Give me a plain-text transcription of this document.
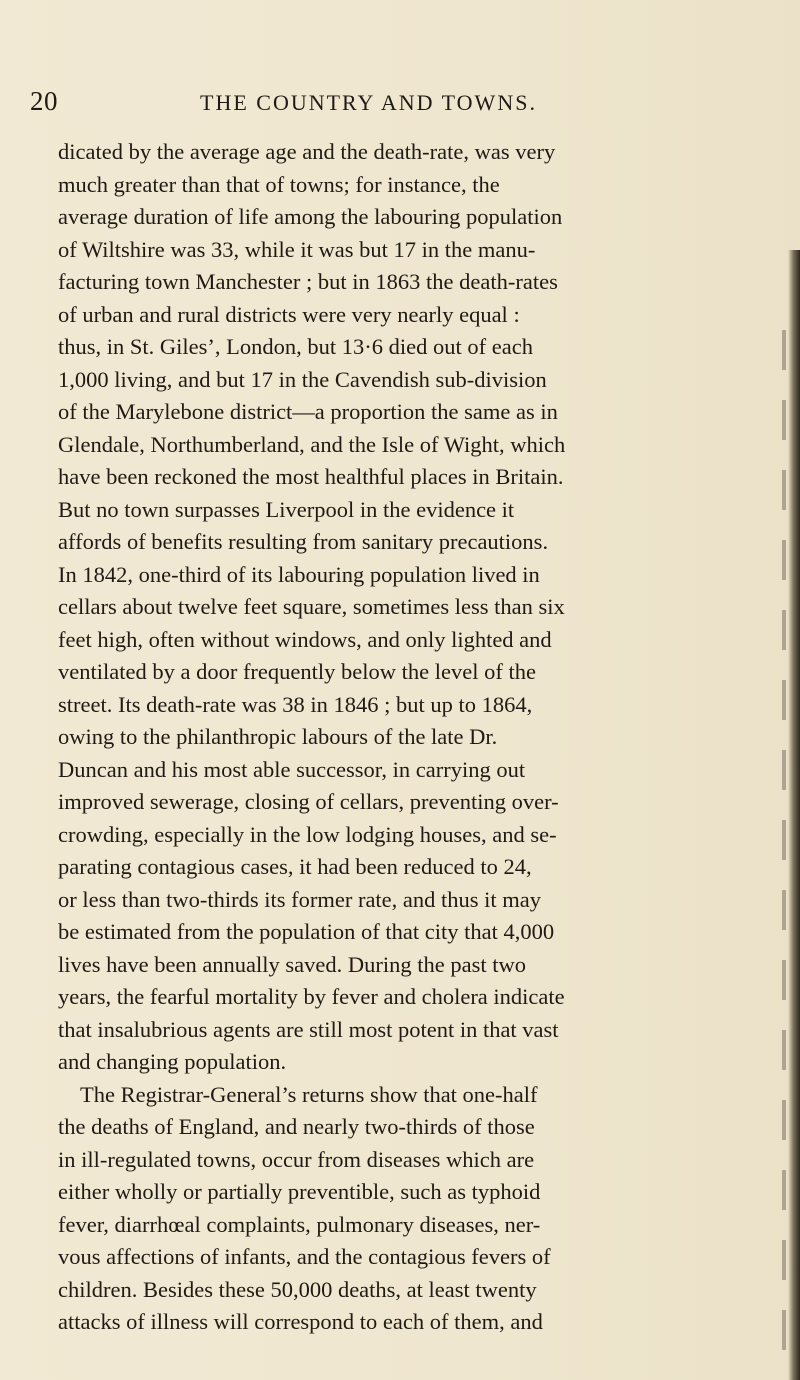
20	THE COUNTRY AND TOWNS.
dicated by the average age and the death-rate, was very
much greater than that of towns; for instance, the
average duration of life among the labouring population
of Wiltshire was 33, while it was but 17 in the manu-
facturing town Manchester ; but in 1863 the death-rates
of urban and rural districts were very nearly equal :
thus, in St. Giles’, London, but 13·6 died out of each
1,000 living, and but 17 in the Cavendish sub-division
of the Marylebone district—a proportion the same as in
Glendale, Northumberland, and the Isle of Wight, which
have been reckoned the most healthful places in Britain.
But no town surpasses Liverpool in the evidence it
affords of benefits resulting from sanitary precautions.
In 1842, one-third of its labouring population lived in
cellars about twelve feet square, sometimes less than six
feet high, often without windows, and only lighted and
ventilated by a door frequently below the level of the
street. Its death-rate was 38 in 1846 ; but up to 1864,
owing to the philanthropic labours of the late Dr.
Duncan and his most able successor, in carrying out
improved sewerage, closing of cellars, preventing over-
crowding, especially in the low lodging houses, and se-
parating contagious cases, it had been reduced to 24,
or less than two-thirds its former rate, and thus it may
be estimated from the population of that city that 4,000
lives have been annually saved. During the past two
years, the fearful mortality by fever and cholera indicate
that insalubrious agents are still most potent in that vast
and changing population.
The Registrar-General’s returns show that one-half
the deaths of England, and nearly two-thirds of those
in ill-regulated towns, occur from diseases which are
either wholly or partially preventible, such as typhoid
fever, diarrhœal complaints, pulmonary diseases, ner-
vous affections of infants, and the contagious fevers of
children. Besides these 50,000 deaths, at least twenty
attacks of illness will correspond to each of them, and
